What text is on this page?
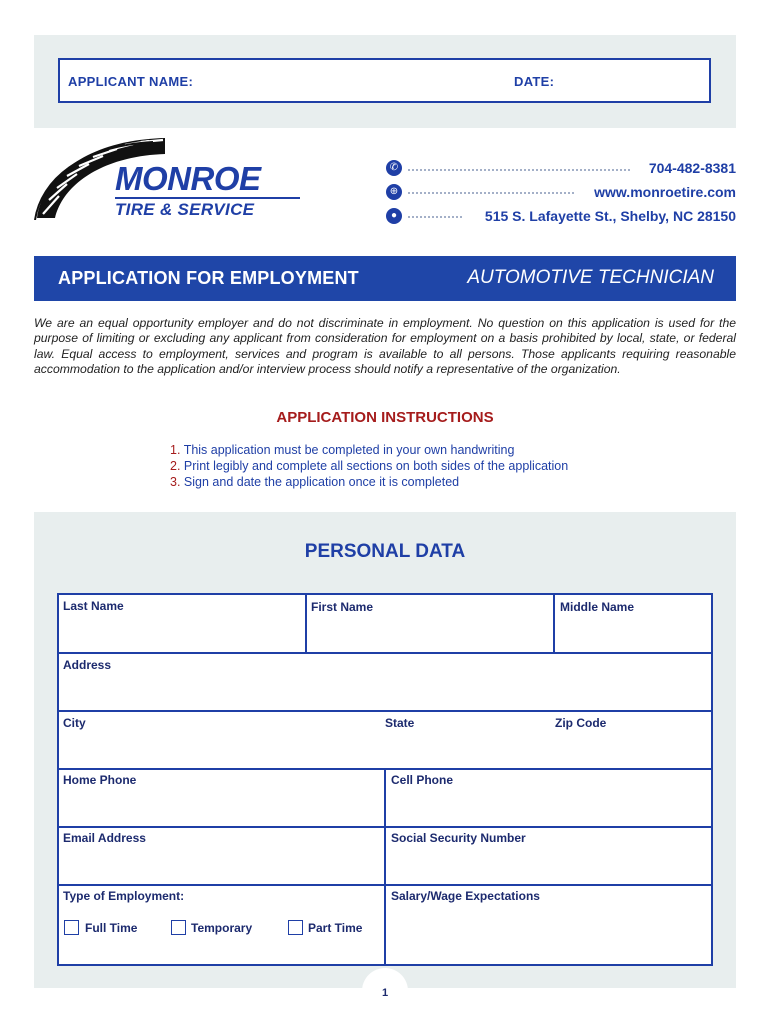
APPLICANT NAME:	DATE:
MONROE
TIRE & SERVICE
✆	704-482-8381
⊕	www.monroetire.com
●	515 S. Lafayette St., Shelby, NC 28150
APPLICATION FOR EMPLOYMENT	AUTOMOTIVE TECHNICIAN
We are an equal opportunity employer and do not discriminate in employment. No question on this application is used for the purpose of limiting or excluding any applicant from consideration for employment on a basis prohibited by local, state, or federal law. Equal access to employment, services and program is available to all persons. Those applicants requiring reasonable accommodation to the application and/or interview process should notify a representative of the organization.
APPLICATION INSTRUCTIONS
1. This application must be completed in your own handwriting
2. Print legibly and complete all sections on both sides of the application
3. Sign and date the application once it is completed
PERSONAL DATA
Last Name	First Name	Middle Name
Address
City	State	Zip Code
Home Phone	Cell Phone
Email Address	Social Security Number
Type of Employment:	Salary/Wage Expectations
Full Time	Temporary	Part Time
1
